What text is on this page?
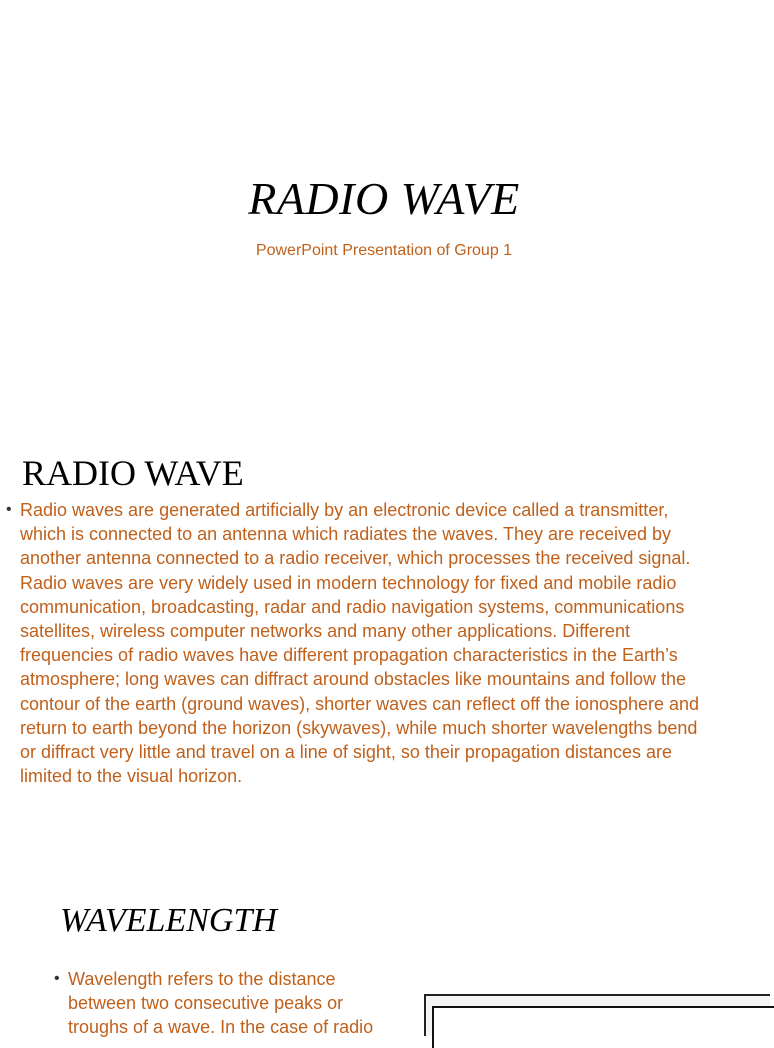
RADIO WAVE
PowerPoint Presentation of Group 1
RADIO WAVE
• Radio waves are generated artificially by an electronic device called a transmitter, which is connected to an antenna which radiates the waves. They are received by another antenna connected to a radio receiver, which processes the received signal. Radio waves are very widely used in modern technology for fixed and mobile radio communication, broadcasting, radar and radio navigation systems, communications satellites, wireless computer networks and many other applications. Different frequencies of radio waves have different propagation characteristics in the Earth’s atmosphere; long waves can diffract around obstacles like mountains and follow the contour of the earth (ground waves), shorter waves can reflect off the ionosphere and return to earth beyond the horizon (skywaves), while much shorter wavelengths bend or diffract very little and travel on a line of sight, so their propagation distances are limited to the visual horizon.

WAVELENGTH
• Wavelength refers to the distance between two consecutive peaks or troughs of a wave. In the case of radio
